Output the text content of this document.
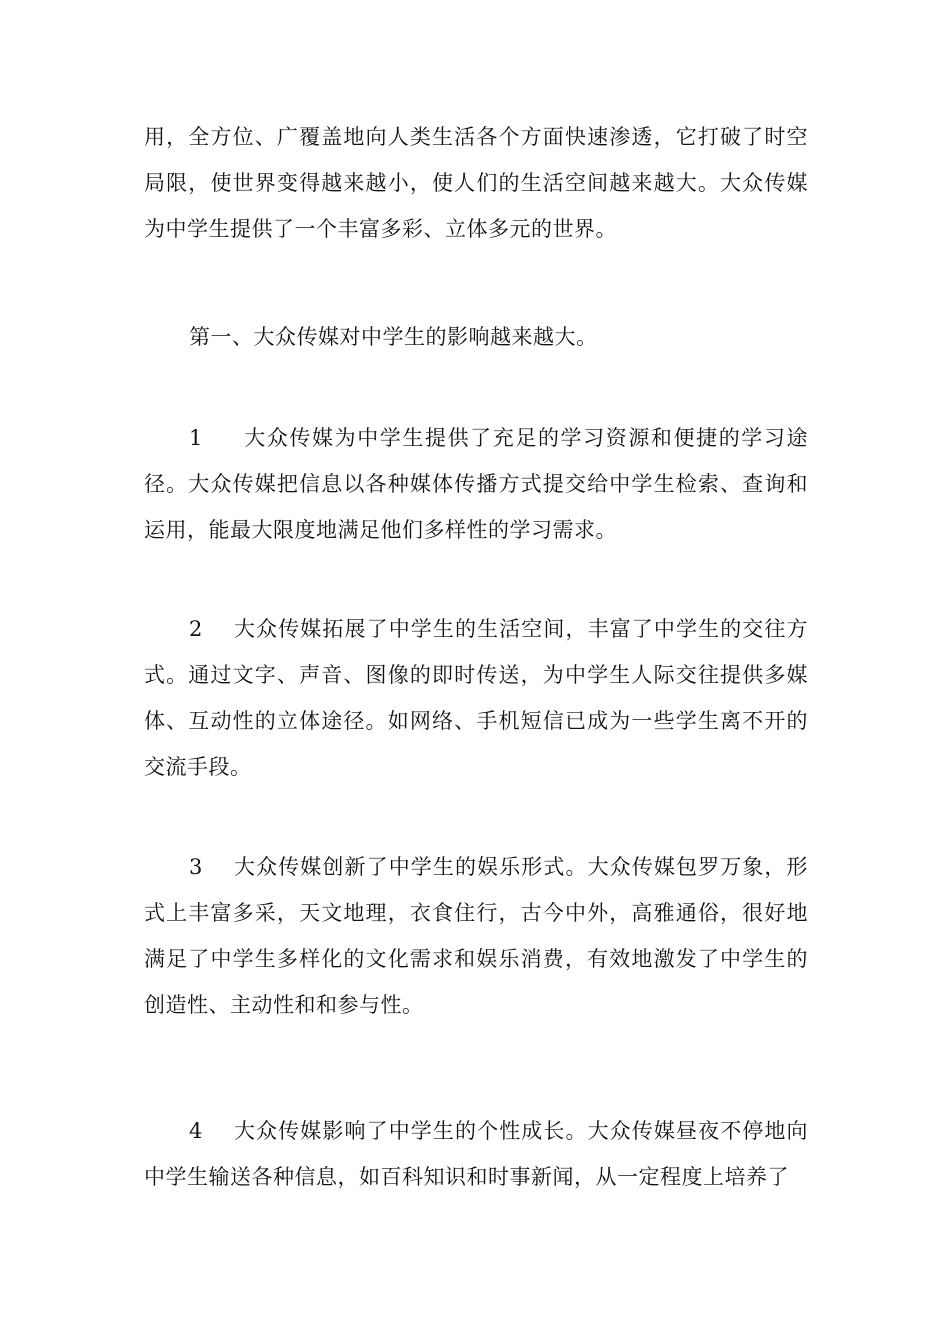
用，全方位、广覆盖地向人类生活各个方面快速渗透，它打破了时空局限，使世界变得越来越小，使人们的生活空间越来越大。大众传媒为中学生提供了一个丰富多彩、立体多元的世界。

第一、大众传媒对中学生的影响越来越大。

1 大众传媒为中学生提供了充足的学习资源和便捷的学习途径。大众传媒把信息以各种媒体传播方式提交给中学生检索、查询和运用，能最大限度地满足他们多样性的学习需求。

2 大众传媒拓展了中学生的生活空间，丰富了中学生的交往方式。通过文字、声音、图像的即时传送，为中学生人际交往提供多媒体、互动性的立体途径。如网络、手机短信已成为一些学生离不开的交流手段。

3 大众传媒创新了中学生的娱乐形式。大众传媒包罗万象，形式上丰富多采，天文地理，衣食住行，古今中外，高雅通俗，很好地满足了中学生多样化的文化需求和娱乐消费，有效地激发了中学生的创造性、主动性和和参与性。

4 大众传媒影响了中学生的个性成长。大众传媒昼夜不停地向中学生输送各种信息，如百科知识和时事新闻，从一定程度上培养了
